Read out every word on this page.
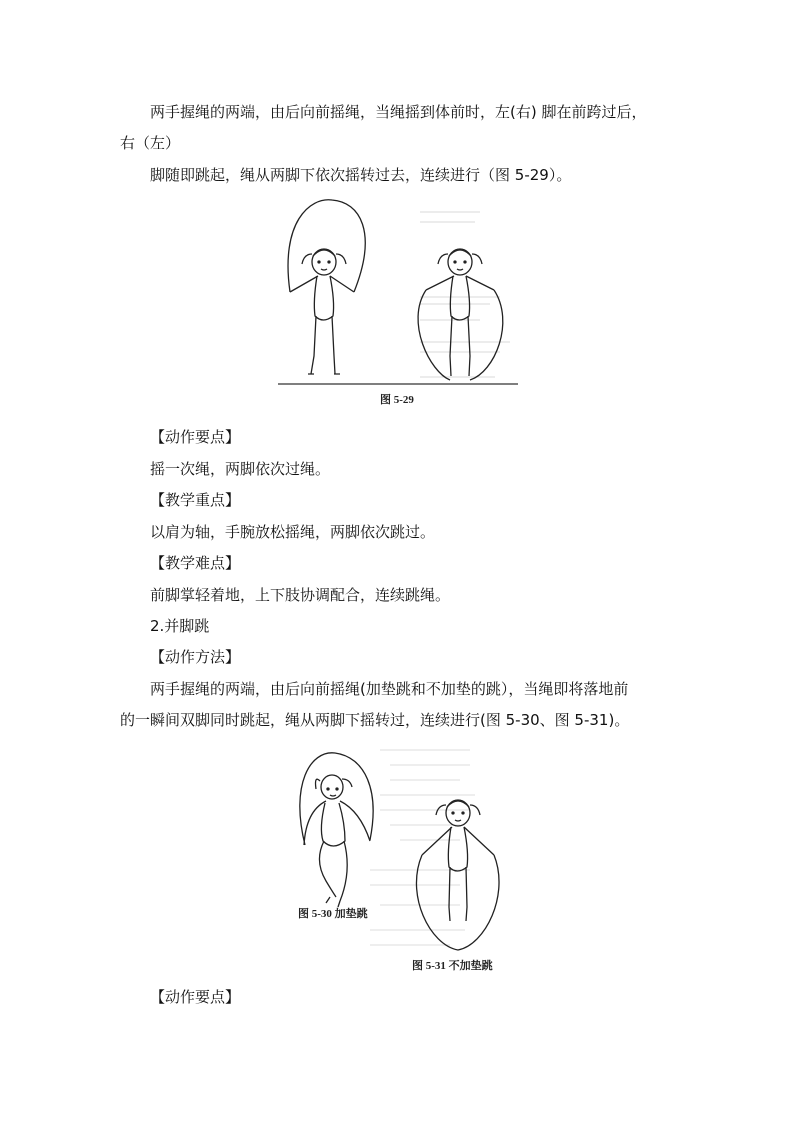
两手握绳的两端，由后向前摇绳，当绳摇到体前时，左(右) 脚在前跨过后，

右（左）

脚随即跳起，绳从两脚下依次摇转过去，连续进行（图 5-29）。

图 5-29

【动作要点】

摇一次绳，两脚依次过绳。

【教学重点】

以肩为轴，手腕放松摇绳，两脚依次跳过。

【教学难点】

前脚掌轻着地，上下肢协调配合，连续跳绳。

2.并脚跳

【动作方法】

两手握绳的两端，由后向前摇绳(加垫跳和不加垫的跳），当绳即将落地前

的一瞬间双脚同时跳起，绳从两脚下摇转过，连续进行(图 5-30、图 5-31)。

图 5-30 加垫跳
图 5-31 不加垫跳

【动作要点】
